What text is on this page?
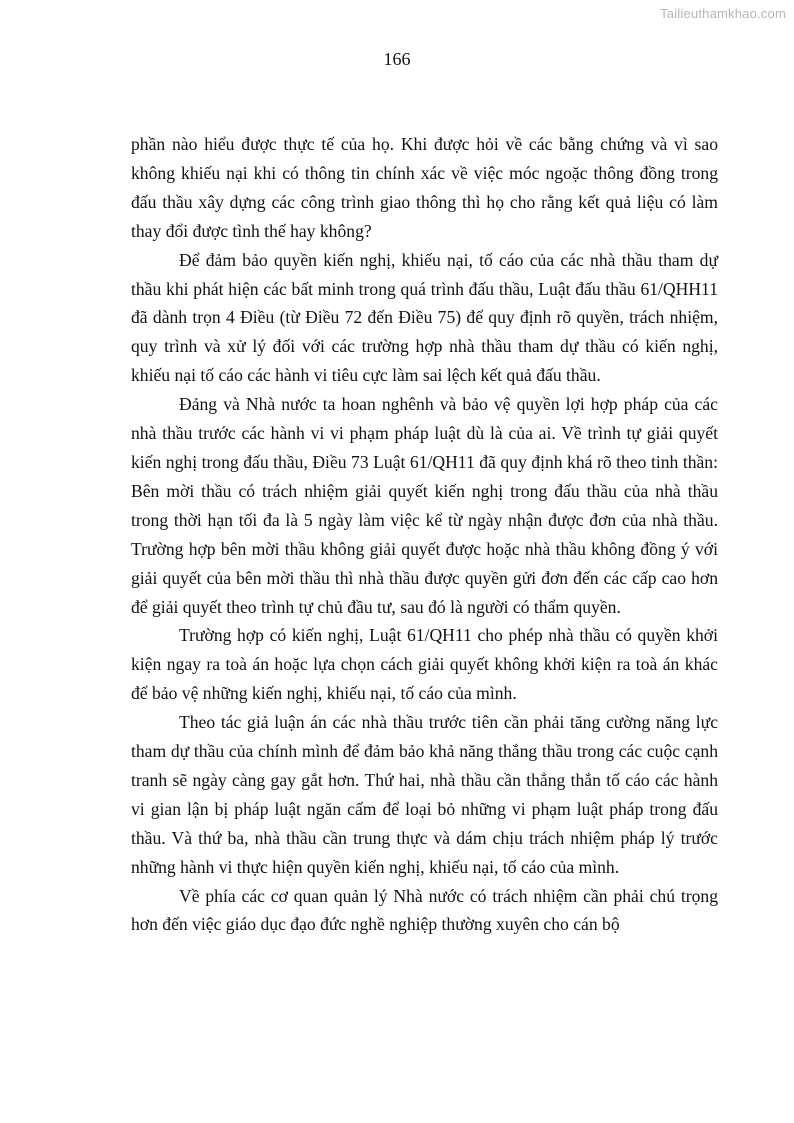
Tailieuthamkhao.com
166

phần nào hiểu được thực tế của họ. Khi được hỏi về các bằng chứng và vì sao không khiếu nại khi có thông tin chính xác về việc móc ngoặc thông đồng trong đấu thầu xây dựng các công trình giao thông thì họ cho rằng kết quả liệu có làm thay đổi được tình thế hay không?

Để đảm bảo quyền kiến nghị, khiếu nại, tố cáo của các nhà thầu tham dự thầu khi phát hiện các bất minh trong quá trình đấu thầu, Luật đấu thầu 61/QHH11 đã dành trọn 4 Điều (từ Điều 72 đến Điều 75) để quy định rõ quyền, trách nhiệm, quy trình và xử lý đối với các trường hợp nhà thầu tham dự thầu có kiến nghị, khiếu nại tố cáo các hành vi tiêu cực làm sai lệch kết quả đấu thầu.

Đảng và Nhà nước ta hoan nghênh và bảo vệ quyền lợi hợp pháp của các nhà thầu trước các hành vi vi phạm pháp luật dù là của ai. Về trình tự giải quyết kiến nghị trong đấu thầu, Điều 73 Luật 61/QH11 đã quy định khá rõ theo tinh thần: Bên mời thầu có trách nhiệm giải quyết kiến nghị trong đấu thầu của nhà thầu trong thời hạn tối đa là 5 ngày làm việc kể từ ngày nhận được đơn của nhà thầu. Trường hợp bên mời thầu không giải quyết được hoặc nhà thầu không đồng ý với giải quyết của bên mời thầu thì nhà thầu được quyền gửi đơn đến các cấp cao hơn để giải quyết theo trình tự chủ đầu tư, sau đó là người có thẩm quyền.

Trường hợp có kiến nghị, Luật 61/QH11 cho phép nhà thầu có quyền khởi kiện ngay ra toà án hoặc lựa chọn cách giải quyết không khởi kiện ra toà án khác để bảo vệ những kiến nghị, khiếu nại, tố cáo của mình.

Theo tác giả luận án các nhà thầu trước tiên cần phải tăng cường năng lực tham dự thầu của chính mình để đảm bảo khả năng thắng thầu trong các cuộc cạnh tranh sẽ ngày càng gay gắt hơn. Thứ hai, nhà thầu cần thẳng thắn tố cáo các hành vi gian lận bị pháp luật ngăn cấm để loại bỏ những vi phạm luật pháp trong đấu thầu. Và thứ ba, nhà thầu cần trung thực và dám chịu trách nhiệm pháp lý trước những hành vi thực hiện quyền kiến nghị, khiếu nại, tố cáo của mình.

Về phía các cơ quan quản lý Nhà nước có trách nhiệm cần phải chú trọng hơn đến việc giáo dục đạo đức nghề nghiệp thường xuyên cho cán bộ
